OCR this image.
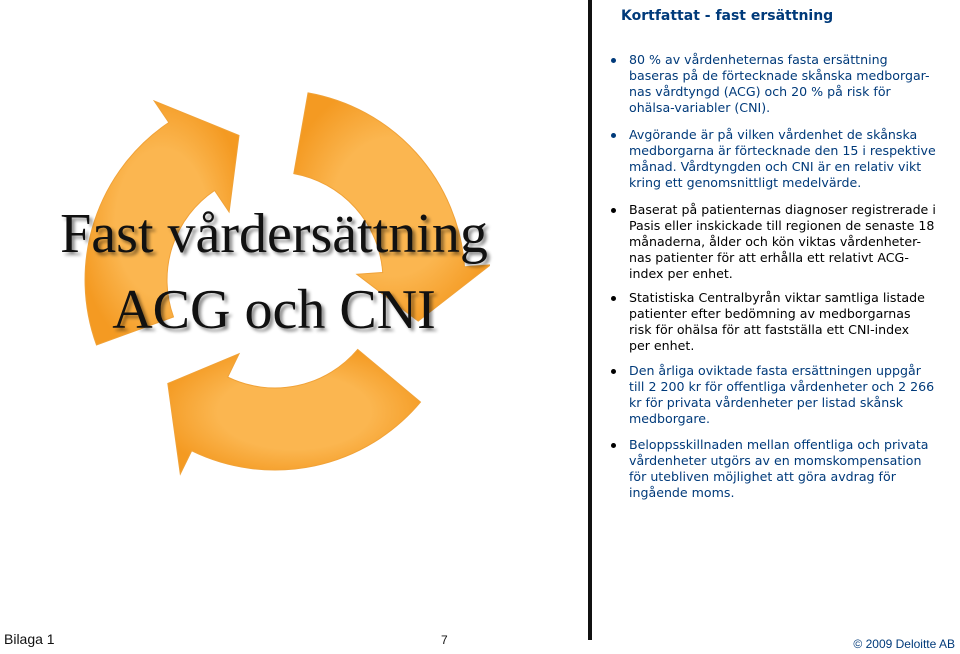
Fast vårdersättning
ACG och CNI
Kortfattat - fast ersättning
80 % av vårdenheternas fasta ersättning
baseras på de förtecknade skånska medborgar-
nas vårdtyngd (ACG) och 20 % på risk för
ohälsa-variabler (CNI).
Avgörande är på vilken vårdenhet de skånska
medborgarna är förtecknade den 15 i respektive
månad. Vårdtyngden och CNI är en relativ vikt
kring ett genomsnittligt medelvärde.
Baserat på patienternas diagnoser registrerade i
Pasis eller inskickade till regionen de senaste 18
månaderna, ålder och kön viktas vårdenheter-
nas patienter för att erhålla ett relativt ACG-
index per enhet.
Statistiska Centralbyrån viktar samtliga listade
patienter efter bedömning av medborgarnas
risk för ohälsa för att fastställa ett CNI-index
per enhet.
Den årliga oviktade fasta ersättningen uppgår
till 2 200 kr för offentliga vårdenheter och 2 266
kr för privata vårdenheter per listad skånsk
medborgare.
Beloppsskillnaden mellan offentliga och privata
vårdenheter utgörs av en momskompensation
för utebliven möjlighet att göra avdrag för
ingående moms.
Bilaga 1	7	© 2009 Deloitte AB
